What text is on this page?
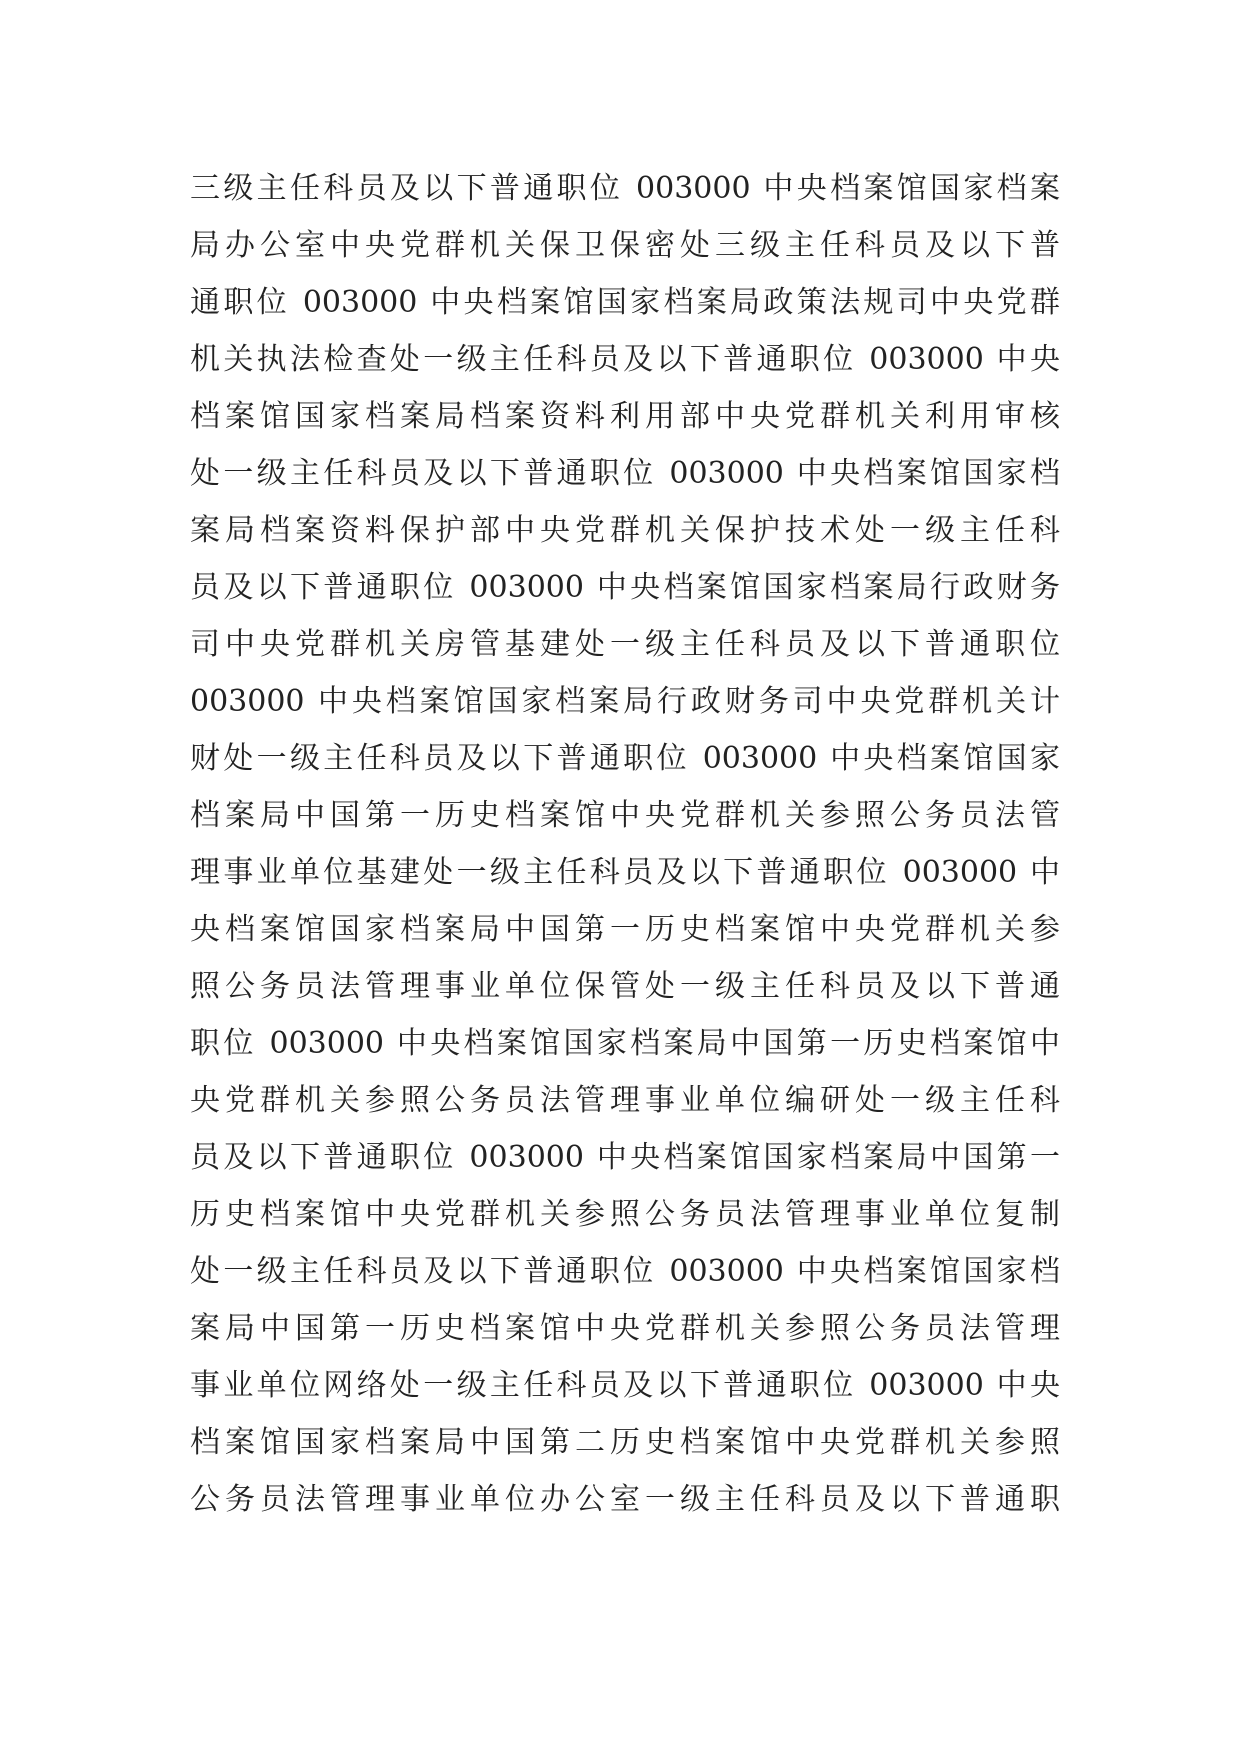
三级主任科员及以下普通职位 003000 中央档案馆国家档案
局办公室中央党群机关保卫保密处三级主任科员及以下普
通职位 003000 中央档案馆国家档案局政策法规司中央党群
机关执法检查处一级主任科员及以下普通职位 003000 中央
档案馆国家档案局档案资料利用部中央党群机关利用审核
处一级主任科员及以下普通职位 003000 中央档案馆国家档
案局档案资料保护部中央党群机关保护技术处一级主任科
员及以下普通职位 003000 中央档案馆国家档案局行政财务
司中央党群机关房管基建处一级主任科员及以下普通职位
003000 中央档案馆国家档案局行政财务司中央党群机关计
财处一级主任科员及以下普通职位 003000 中央档案馆国家
档案局中国第一历史档案馆中央党群机关参照公务员法管
理事业单位基建处一级主任科员及以下普通职位 003000 中
央档案馆国家档案局中国第一历史档案馆中央党群机关参
照公务员法管理事业单位保管处一级主任科员及以下普通
职位 003000 中央档案馆国家档案局中国第一历史档案馆中
央党群机关参照公务员法管理事业单位编研处一级主任科
员及以下普通职位 003000 中央档案馆国家档案局中国第一
历史档案馆中央党群机关参照公务员法管理事业单位复制
处一级主任科员及以下普通职位 003000 中央档案馆国家档
案局中国第一历史档案馆中央党群机关参照公务员法管理
事业单位网络处一级主任科员及以下普通职位 003000 中央
档案馆国家档案局中国第二历史档案馆中央党群机关参照
公务员法管理事业单位办公室一级主任科员及以下普通职
